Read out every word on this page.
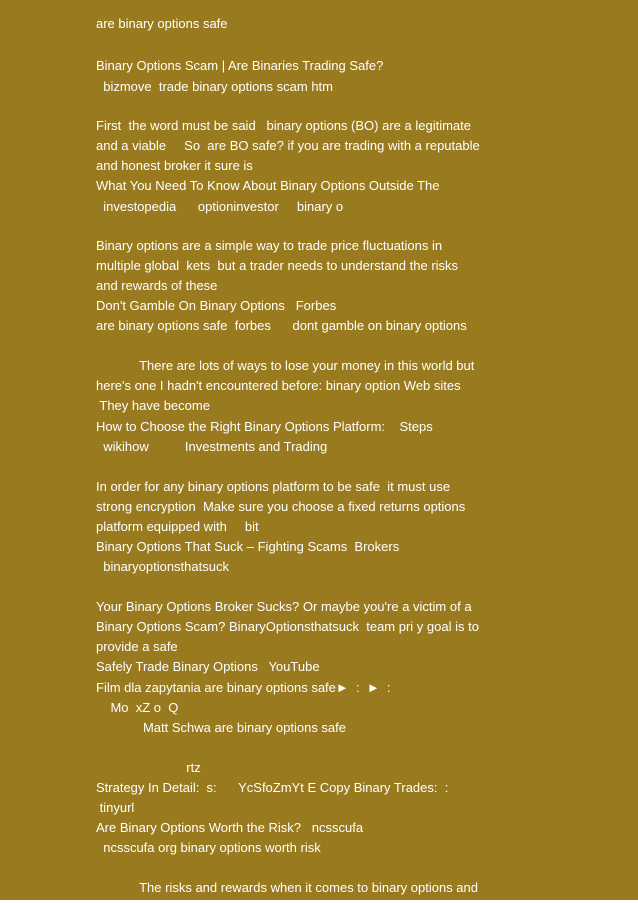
are binary options safe
Binary Options Scam | Are Binaries Trading Safe?
bizmove  trade binary options scam htm
First  the word must be said   binary options (BO) are a legitimate
and a viable     So  are BO safe? if you are trading with a reputable
and honest broker it sure is
What You Need To Know About Binary Options Outside The
investopedia      optioninvestor     binary o
Binary options are a simple way to trade price fluctuations in
multiple global  kets  but a trader needs to understand the risks
and rewards of these
Don't Gamble On Binary Options   Forbes
are binary options safe  forbes      dont gamble on binary options
There are lots of ways to lose your money in this world but
here's one I hadn't encountered before: binary option Web sites
They have become
How to Choose the Right Binary Options Platform:    Steps
wikihow          Investments and Trading
In order for any binary options platform to be safe  it must use
strong encryption  Make sure you choose a fixed returns options
platform equipped with     bit
Binary Options That Suck – Fighting Scams  Brokers
binaryoptionsthatsuck
Your Binary Options Broker Sucks? Or maybe you're a victim of a
Binary Options Scam? BinaryOptionsthatsuck  team pri y goal is to
provide a safe
Safely Trade Binary Options   YouTube
Film dla zapytania are binary options safe►  :  ►  :
Mo  xZ o  Q
Matt Schwa are binary options safe
rtz
Strategy In Detail:  s:      YcSfoZmYt E Copy Binary Trades:  :
tinyurl
Are Binary Options Worth the Risk?   ncsscufa
ncsscufa org binary options worth risk
The risks and rewards when it comes to binary options and
